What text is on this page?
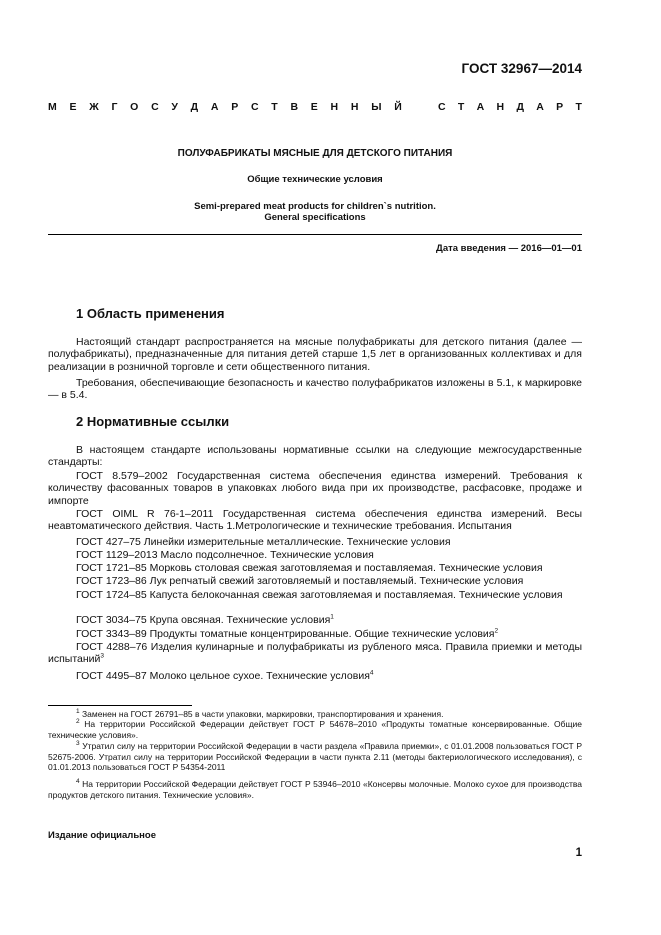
ГОСТ 32967—2014
М Е Ж Г О С У Д А Р С Т В Е Н Н Ы Й	С Т А Н Д А Р Т
ПОЛУФАБРИКАТЫ МЯСНЫЕ ДЛЯ ДЕТСКОГО ПИТАНИЯ
Общие технические условия
Semi-prepared meat products for children`s nutrition.
General specifications
Дата введения — 2016—01—01
1 Область применения
Настоящий стандарт распространяется на мясные полуфабрикаты для детского питания (далее — полуфабрикаты), предназначенные для питания детей старше 1,5 лет в организованных коллективах и для реализации в розничной торговле и сети общественного питания.
Требования, обеспечивающие безопасность и качество полуфабрикатов изложены в 5.1, к маркировке — в 5.4.
2 Нормативные ссылки
В настоящем стандарте использованы нормативные ссылки на следующие межгосударственные стандарты:
ГОСТ 8.579–2002 Государственная система обеспечения единства измерений. Требования к количеству фасованных товаров в упаковках любого вида при их производстве, расфасовке, продаже и импорте
ГОСТ OIML R 76-1–2011 Государственная система обеспечения единства измерений. Весы неавтоматического действия. Часть 1.Метрологические и технические требования. Испытания
ГОСТ 427–75 Линейки измерительные металлические. Технические условия
ГОСТ 1129–2013 Масло подсолнечное. Технические условия
ГОСТ 1721–85 Морковь столовая свежая заготовляемая и поставляемая. Технические условия
ГОСТ 1723–86 Лук репчатый свежий заготовляемый и поставляемый. Технические условия
ГОСТ 1724–85 Капуста белокочанная свежая заготовляемая и поставляемая. Технические условия
ГОСТ 3034–75 Крупа овсяная. Технические условия$^1$
ГОСТ 3343–89 Продукты томатные концентрированные. Общие технические условия$^2$
ГОСТ 4288–76 Изделия кулинарные и полуфабрикаты из рубленого мяса. Правила приемки и методы испытаний$^3$
ГОСТ 4495–87 Молоко цельное сухое. Технические условия$^4$
$^1$ Заменен на ГОСТ 26791–85 в части упаковки, маркировки, транспортирования и хранения.
$^2$ На территории Российской Федерации действует ГОСТ Р 54678–2010 «Продукты томатные консервированные. Общие технические условия».
$^3$ Утратил силу на территории Российской Федерации в части раздела «Правила приемки», с 01.01.2008 пользоваться ГОСТ Р 52675-2006. Утратил силу на территории Российской Федерации в части пункта 2.11 (методы бактериологического исследования), с 01.01.2013 пользоваться ГОСТ Р 54354-2011
$^4$ На территории Российской Федерации действует ГОСТ Р 53946–2010 «Консервы молочные. Молоко сухое для производства продуктов детского питания. Технические условия».
Издание официальное
1
